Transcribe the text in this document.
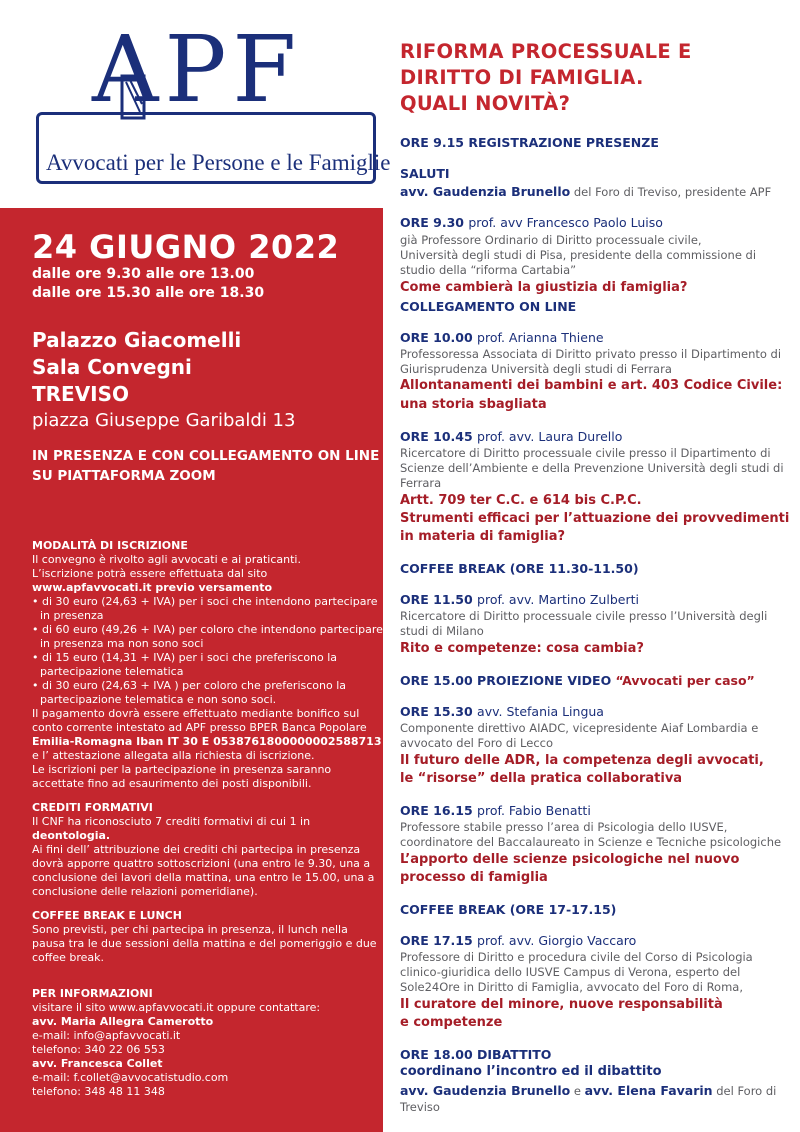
APF
Avvocati per le Persone e le Famiglie
24 GIUGNO 2022
dalle ore 9.30 alle ore 13.00
dalle ore 15.30 alle ore 18.30
Palazzo Giacomelli
Sala Convegni
TREVISO
piazza Giuseppe Garibaldi 13
IN PRESENZA E CON COLLEGAMENTO ON LINE
SU PIATTAFORMA ZOOM
MODALITÀ DI ISCRIZIONE
Il convegno è rivolto agli avvocati e ai praticanti.
L’iscrizione potrà essere effettuata dal sito
www.apfavvocati.it previo versamento
• di 30 euro (24,63 + IVA) per i soci che intendono partecipare
in presenza
• di 60 euro (49,26 + IVA) per coloro che intendono partecipare
in presenza ma non sono soci
• di 15 euro (14,31 + IVA) per i soci che preferiscono la
partecipazione telematica
• di 30 euro (24,63 + IVA ) per coloro che preferiscono la
partecipazione telematica e non sono soci.
Il pagamento dovrà essere effettuato mediante bonifico sul
conto corrente intestato ad APF presso BPER Banca Popolare
Emilia-Romagna Iban IT 30 E 0538761800000002588713
e l’ attestazione allegata alla richiesta di iscrizione.
Le iscrizioni per la partecipazione in presenza saranno
accettate fino ad esaurimento dei posti disponibili.
CREDITI FORMATIVI
Il CNF ha riconosciuto 7 crediti formativi di cui 1 in
deontologia.
Ai fini dell’ attribuzione dei crediti chi partecipa in presenza
dovrà apporre quattro sottoscrizioni (una entro le 9.30, una a
conclusione dei lavori della mattina, una entro le 15.00, una a
conclusione delle relazioni pomeridiane).
COFFEE BREAK E LUNCH
Sono previsti, per chi partecipa in presenza, il lunch nella
pausa tra le due sessioni della mattina e del pomeriggio e due
coffee break.
PER INFORMAZIONI
visitare il sito www.apfavvocati.it oppure contattare:
avv. Maria Allegra Camerotto
e-mail: info@apfavvocati.it
telefono: 340 22 06 553
avv. Francesca Collet
e-mail: f.collet@avvocatistudio.com
telefono: 348 48 11 348
RIFORMA PROCESSUALE E
DIRITTO DI FAMIGLIA.
QUALI NOVITÀ?
ORE 9.15 REGISTRAZIONE PRESENZE
SALUTI
avv. Gaudenzia Brunello del Foro di Treviso, presidente APF
ORE 9.30 prof. avv Francesco Paolo Luiso
già Professore Ordinario di Diritto processuale civile,
Università degli studi di Pisa, presidente della commissione di
studio della “riforma Cartabia”
Come cambierà la giustizia di famiglia?
COLLEGAMENTO ON LINE
ORE 10.00 prof. Arianna Thiene
Professoressa Associata di Diritto privato presso il Dipartimento di
Giurisprudenza Università degli studi di Ferrara
Allontanamenti dei bambini e art. 403 Codice Civile:
una storia sbagliata
ORE 10.45 prof. avv. Laura Durello
Ricercatore di Diritto processuale civile presso il Dipartimento di
Scienze dell’Ambiente e della Prevenzione Università degli studi di
Ferrara
Artt. 709 ter C.C. e 614 bis C.P.C.
Strumenti efficaci per l’attuazione dei provvedimenti
in materia di famiglia?
COFFEE BREAK (ORE 11.30-11.50)
ORE 11.50 prof. avv. Martino Zulberti
Ricercatore di Diritto processuale civile presso l’Università degli
studi di Milano
Rito e competenze: cosa cambia?
ORE 15.00 PROIEZIONE VIDEO “Avvocati per caso”
ORE 15.30 avv. Stefania Lingua
Componente direttivo AIADC, vicepresidente Aiaf Lombardia e
avvocato del Foro di Lecco
Il futuro delle ADR, la competenza degli avvocati,
le “risorse” della pratica collaborativa
ORE 16.15 prof. Fabio Benatti
Professore stabile presso l’area di Psicologia dello IUSVE,
coordinatore del Baccalaureato in Scienze e Tecniche psicologiche
L’apporto delle scienze psicologiche nel nuovo
processo di famiglia
COFFEE BREAK (ORE 17-17.15)
ORE 17.15 prof. avv. Giorgio Vaccaro
Professore di Diritto e procedura civile del Corso di Psicologia
clinico-giuridica dello IUSVE Campus di Verona, esperto del
Sole24Ore in Diritto di Famiglia, avvocato del Foro di Roma,
Il curatore del minore, nuove responsabilità
e competenze
ORE 18.00 DIBATTITO
coordinano l’incontro ed il dibattito
avv. Gaudenzia Brunello e avv. Elena Favarin del Foro di
Treviso
